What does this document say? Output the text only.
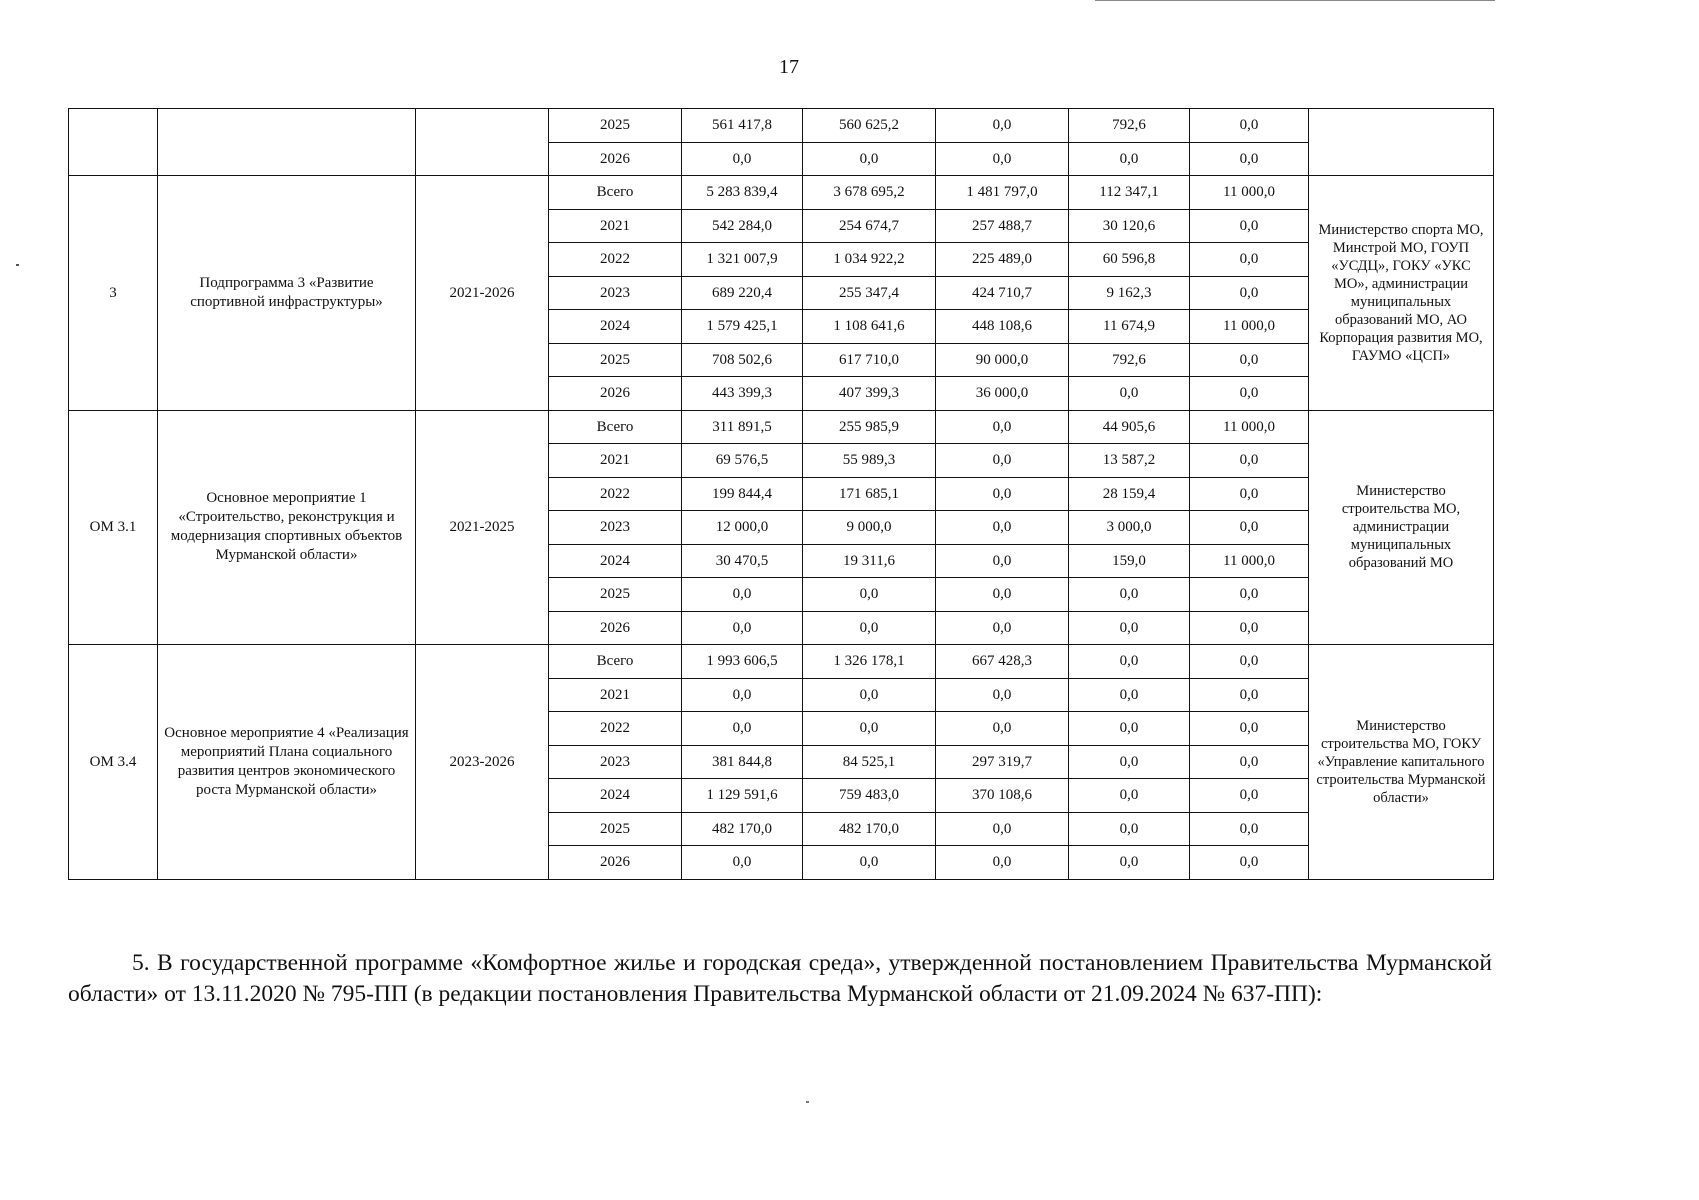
17
			2025	561 417,8	560 625,2	0,0	792,6	0,0	
			2026	0,0	0,0	0,0	0,0	0,0	
3	Подпрограмма 3 «Развитие спортивной инфраструктуры»	2021-2026	Всего	5 283 839,4	3 678 695,2	1 481 797,0	112 347,1	11 000,0	Министерство спорта МО, Минстрой МО, ГОУП «УСДЦ», ГОКУ «УКС МО», администрации муниципальных образований МО, АО Корпорация развития МО, ГАУМО «ЦСП»
			2021	542 284,0	254 674,7	257 488,7	30 120,6	0,0	
			2022	1 321 007,9	1 034 922,2	225 489,0	60 596,8	0,0	
			2023	689 220,4	255 347,4	424 710,7	9 162,3	0,0	
			2024	1 579 425,1	1 108 641,6	448 108,6	11 674,9	11 000,0	
			2025	708 502,6	617 710,0	90 000,0	792,6	0,0	
			2026	443 399,3	407 399,3	36 000,0	0,0	0,0	
ОМ 3.1	Основное мероприятие 1 «Строительство, реконструкция и модернизация спортивных объектов Мурманской области»	2021-2025	Всего	311 891,5	255 985,9	0,0	44 905,6	11 000,0	Министерство строительства МО, администрации муниципальных образований МО
			2021	69 576,5	55 989,3	0,0	13 587,2	0,0	
			2022	199 844,4	171 685,1	0,0	28 159,4	0,0	
			2023	12 000,0	9 000,0	0,0	3 000,0	0,0	
			2024	30 470,5	19 311,6	0,0	159,0	11 000,0	
			2025	0,0	0,0	0,0	0,0	0,0	
			2026	0,0	0,0	0,0	0,0	0,0	
ОМ 3.4	Основное мероприятие 4 «Реализация мероприятий Плана социального развития центров экономического роста Мурманской области»	2023-2026	Всего	1 993 606,5	1 326 178,1	667 428,3	0,0	0,0	Министерство строительства МО, ГОКУ «Управление капитального строительства Мурманской области»
			2021	0,0	0,0	0,0	0,0	0,0	
			2022	0,0	0,0	0,0	0,0	0,0	
			2023	381 844,8	84 525,1	297 319,7	0,0	0,0	
			2024	1 129 591,6	759 483,0	370 108,6	0,0	0,0	
			2025	482 170,0	482 170,0	0,0	0,0	0,0	
			2026	0,0	0,0	0,0	0,0	0,0	
5. В государственной программе «Комфортное жилье и городская среда», утвержденной постановлением Правительства Мурманской области» от 13.11.2020 № 795-ПП (в редакции постановления Правительства Мурманской области от 21.09.2024 № 637-ПП):
